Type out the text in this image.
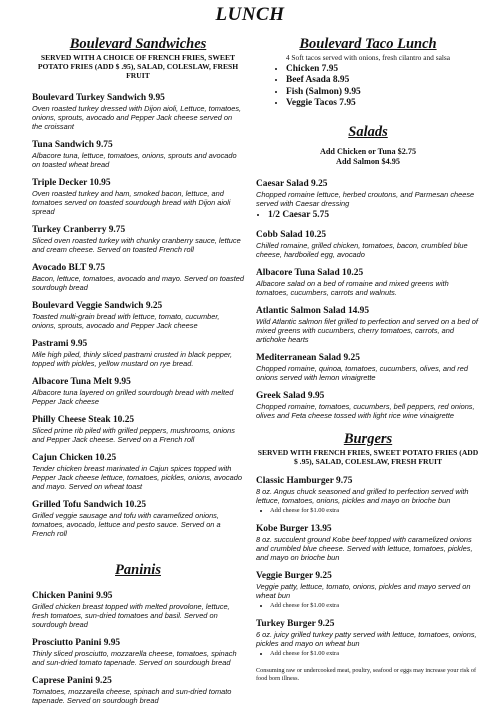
LUNCH
Boulevard Sandwiches
SERVED WITH A CHOICE OF FRENCH FRIES, SWEET POTATO FRIES (ADD $ .95), SALAD, COLESLAW, FRESH FRUIT
Boulevard Turkey Sandwich 9.95
Oven roasted turkey dressed with Dijon aioli, Lettuce, tomatoes, onions, sprouts, avocado and Pepper Jack cheese served on the croissant
Tuna Sandwich 9.75
Albacore tuna, lettuce, tomatoes, onions, sprouts and avocado on toasted wheat bread
Triple Decker 10.95
Oven roasted turkey and ham, smoked bacon, lettuce, and tomatoes served on toasted sourdough bread with Dijon aioli spread
Turkey Cranberry 9.75
Sliced oven roasted turkey with chunky cranberry sauce, lettuce and cream cheese. Served on toasted French roll
Avocado BLT 9.75
Bacon, lettuce, tomatoes, avocado and mayo. Served on toasted sourdough bread
Boulevard Veggie Sandwich 9.25
Toasted multi-grain bread with lettuce, tomato, cucumber, onions, sprouts, avocado and Pepper Jack cheese
Pastrami 9.95
Mile high piled, thinly sliced pastrami crusted in black pepper, topped with pickles, yellow mustard on rye bread.
Albacore Tuna Melt 9.95
Albacore tuna layered on grilled sourdough bread with melted Pepper Jack cheese
Philly Cheese Steak 10.25
Sliced prime rib piled with grilled peppers, mushrooms, onions and Pepper Jack cheese. Served on a French roll
Cajun Chicken 10.25
Tender chicken breast marinated in Cajun spices topped with Pepper Jack cheese lettuce, tomatoes, pickles, onions, avocado and mayo. Served on wheat toast
Grilled Tofu Sandwich 10.25
Grilled veggie sausage and tofu with caramelized onions, tomatoes, avocado, lettuce and pesto sauce. Served on a French roll
Paninis
Chicken Panini 9.95
Grilled chicken breast topped with melted provolone, lettuce, fresh tomatoes, sun-dried tomatoes and basil. Served on sourdough bread
Prosciutto Panini 9.95
Thinly sliced prosciutto, mozzarella cheese, tomatoes, spinach and sun-dried tomato tapenade. Served on sourdough bread
Caprese Panini 9.25
Tomatoes, mozzarella cheese, spinach and sun-dried tomato tapenade. Served on sourdough bread
Boulevard Taco Lunch
4 Soft tacos served with onions, fresh cilantro and salsa
• Chicken 7.95
• Beef Asada 8.95
• Fish (Salmon) 9.95
• Veggie Tacos 7.95
Salads
Add Chicken or Tuna $2.75
Add Salmon $4.95
Caesar Salad 9.25
Chopped romaine lettuce, herbed croutons, and Parmesan cheese served with Caesar dressing
• 1/2 Caesar 5.75
Cobb Salad 10.25
Chilled romaine, grilled chicken, tomatoes, bacon, crumbled blue cheese, hardboiled egg, avocado
Albacore Tuna Salad 10.25
Albacore salad on a bed of romaine and mixed greens with tomatoes, cucumbers, carrots and walnuts.
Atlantic Salmon Salad 14.95
Wild Atlantic salmon filet grilled to perfection and served on a bed of mixed greens with cucumbers, cherry tomatoes, carrots, and artichoke hearts
Mediterranean Salad 9.25
Chopped romaine, quinoa, tomatoes, cucumbers, olives, and red onions served with lemon vinaigrette
Greek Salad 9.95
Chopped romaine, tomatoes, cucumbers, bell peppers, red onions, olives and Feta cheese tossed with light rice wine vinaigrette
Burgers
SERVED WITH FRENCH FRIES, SWEET POTATO FRIES (ADD $ .95), SALAD, COLESLAW, FRESH FRUIT
Classic Hamburger 9.75
8 oz. Angus chuck seasoned and grilled to perfection served with lettuce, tomatoes, onions, pickles and mayo on brioche bun
• Add cheese for $1.00 extra
Kobe Burger 13.95
8 oz. succulent ground Kobe beef topped with caramelized onions and crumbled blue cheese. Served with lettuce, tomatoes, pickles, and mayo on brioche bun
Veggie Burger 9.25
Veggie patty, lettuce, tomato, onions, pickles and mayo served on wheat bun
• Add cheese for $1.00 extra
Turkey Burger 9.25
6 oz. juicy grilled turkey patty served with lettuce, tomatoes, onions, pickles and mayo on wheat bun
• Add cheese for $1.00 extra
Consuming raw or undercooked meat, poultry, seafood or eggs may increase your risk of food born illness.
